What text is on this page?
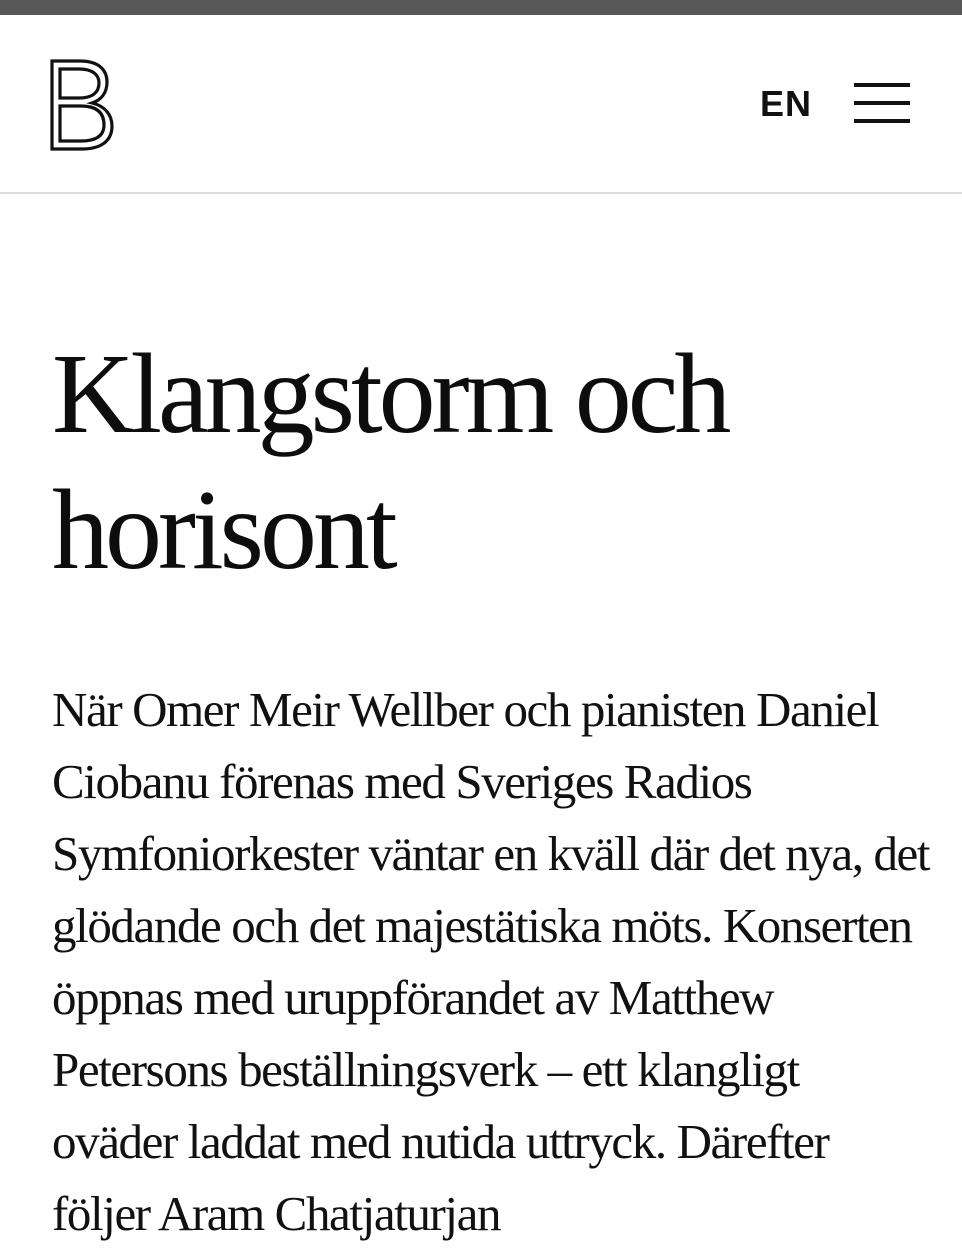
EN
Klangstorm och horisont

När Omer Meir Wellber och pianisten Daniel Ciobanu förenas med Sveriges Radios Symfoniorkester väntar en kväll där det nya, det glödande och det majestätiska möts. Konserten öppnas med uruppförandet av Matthew Petersons beställningsverk – ett klangligt oväder laddat med nutida uttryck. Därefter följer Aram Chatjaturjan
